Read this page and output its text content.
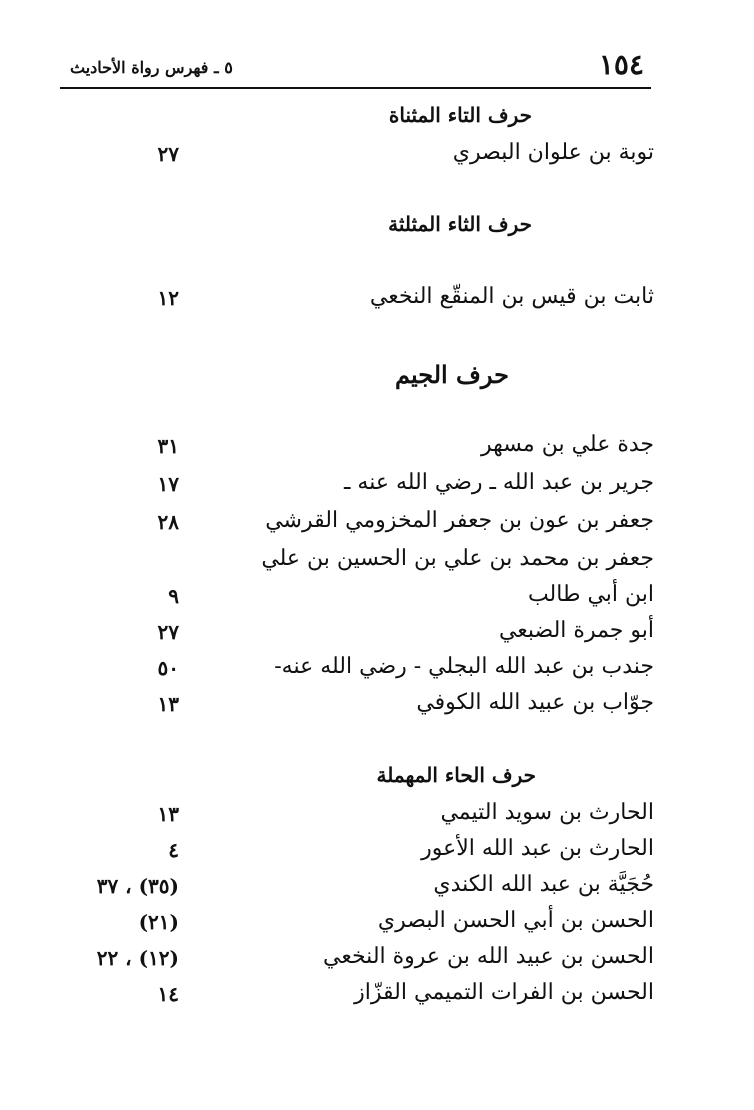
١٥٤
٥ ـ فهرس رواة الأحاديث
حرف التاء المثناة
توبة بن علوان البصري
٢٧
حرف الثاء المثلثة
ثابت بن قيس بن المنقّع النخعي
١٢
حرف الجيم
جدة علي بن مسهر
٣١
جرير بن عبد الله ـ رضي الله عنه ـ
١٧
جعفر بن عون بن جعفر المخزومي القرشي
٢٨
جعفر بن محمد بن علي بن الحسين بن علي
ابن أبي طالب
٩
أبو جمرة الضبعي
٢٧
جندب بن عبد الله البجلي - رضي الله عنه-
٥٠
جوّاب بن عبيد الله الكوفي
١٣
حرف الحاء المهملة
الحارث بن سويد التيمي
١٣
الحارث بن عبد الله الأعور
٤
حُجَيَّة بن عبد الله الكندي
(٣٥) ، ٣٧
الحسن بن أبي الحسن البصري
(٢١)
الحسن بن عبيد الله بن عروة النخعي
(١٢) ، ٢٢
الحسن بن الفرات التميمي القزّاز
١٤
